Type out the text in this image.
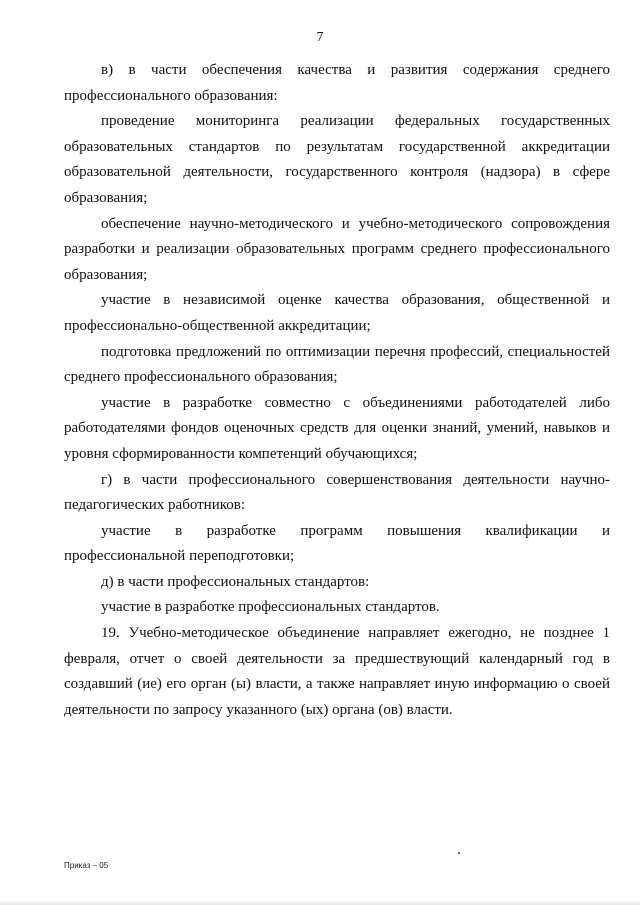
7

в) в части обеспечения качества и развития содержания среднего профессионального образования:

проведение мониторинга реализации федеральных государственных образовательных стандартов по результатам государственной аккредитации образовательной деятельности, государственного контроля (надзора) в сфере образования;

обеспечение научно-методического и учебно-методического сопровождения разработки и реализации образовательных программ среднего профессионального образования;

участие в независимой оценке качества образования, общественной и профессионально-общественной аккредитации;

подготовка предложений по оптимизации перечня профессий, специальностей среднего профессионального образования;

участие в разработке совместно с объединениями работодателей либо работодателями фондов оценочных средств для оценки знаний, умений, навыков и уровня сформированности компетенций обучающихся;

г) в части профессионального совершенствования деятельности научно-педагогических работников:

участие в разработке программ повышения квалификации и профессиональной переподготовки;

д) в части профессиональных стандартов:

участие в разработке профессиональных стандартов.

19. Учебно-методическое объединение направляет ежегодно, не позднее 1 февраля, отчет о своей деятельности за предшествующий календарный год в создавший (ие) его орган (ы) власти, а также направляет иную информацию о своей деятельности по запросу указанного (ых) органа (ов) власти.

Приказ – 05
